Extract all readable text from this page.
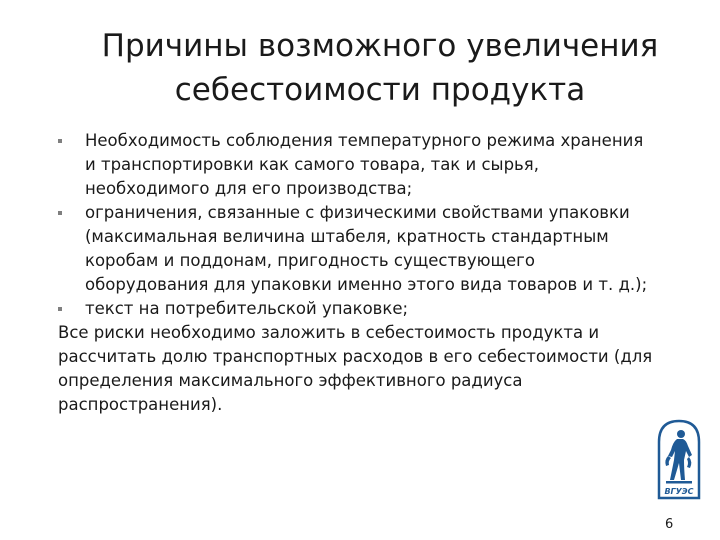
Причины возможного увеличения
себестоимости продукта
Необходимость соблюдения температурного режима хранения и транспортировки как самого товара, так и сырья, необходимого для его производства;
ограничения, связанные с физическими свойствами упаковки (максимальная величина штабеля, кратность стандартным коробам и поддонам, пригодность существующего оборудования для упаковки именно этого вида товаров и т. д.);
текст на потребительской упаковке;

Все риски необходимо заложить в себестоимость продукта и рассчитать долю транспортных расходов в его себестоимости (для определения максимального эффективного радиуса распространения).

ВГУЭС
6
